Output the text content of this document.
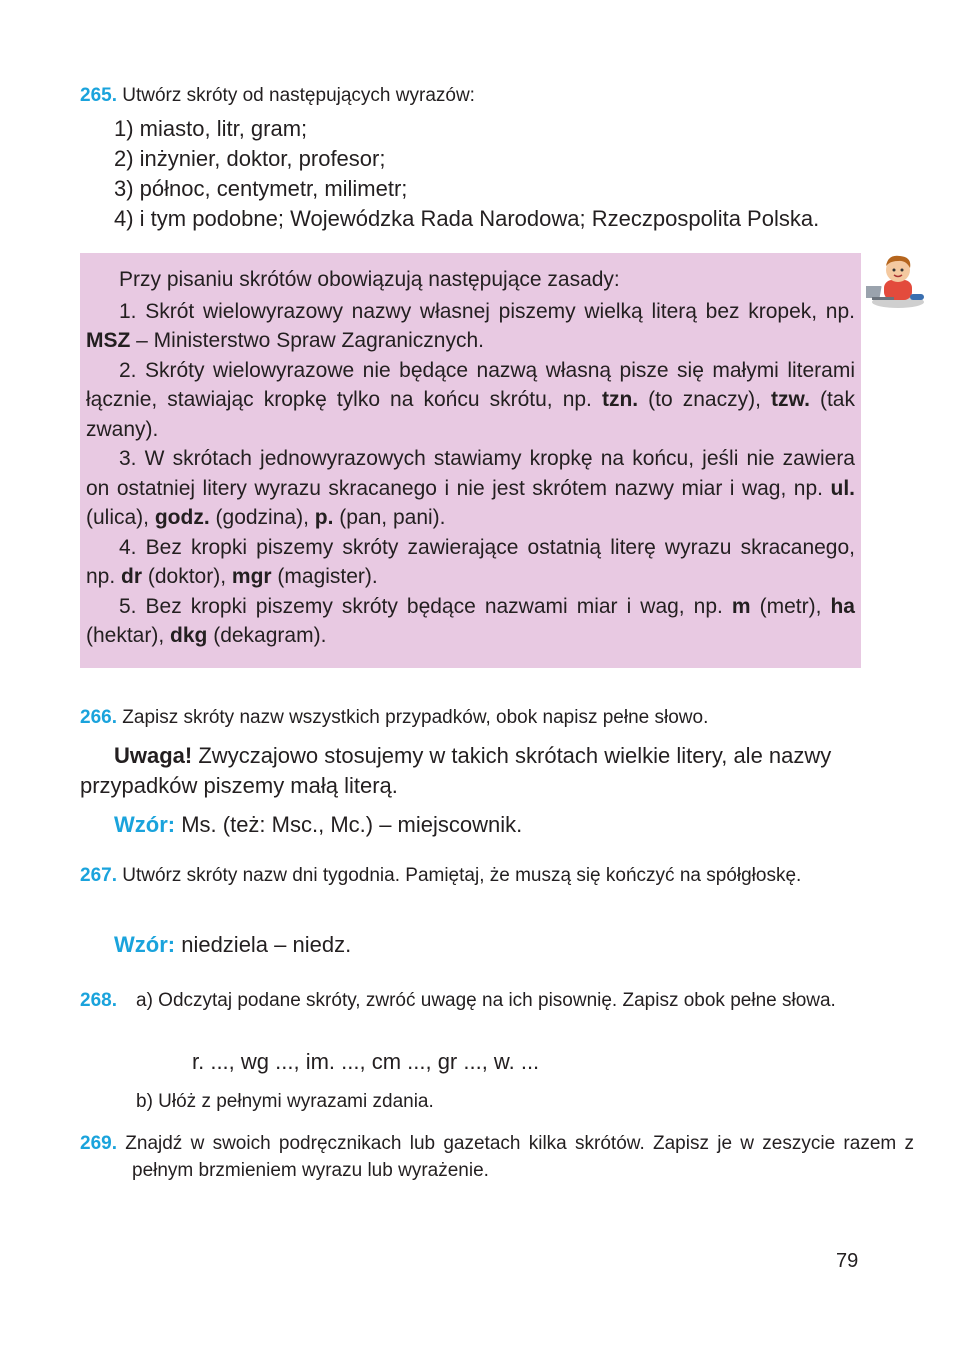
265. Utwórz skróty od następujących wyrazów:
1) miasto, litr, gram;
2) inżynier, doktor, profesor;
3) północ, centymetr, milimetr;
4) i tym podobne; Wojewódzka Rada Narodowa; Rzeczpospolita Polska.

Przy pisaniu skrótów obowiązują następujące zasady:

1. Skrót wielowyrazowy nazwy własnej piszemy wielką literą bez kropek, np. MSZ – Ministerstwo Spraw Zagranicznych.

2. Skróty wielowyrazowe nie będące nazwą własną pisze się małymi literami łącznie, stawiając kropkę tylko na końcu skrótu, np. tzn. (to znaczy), tzw. (tak zwany).

3. W skrótach jednowyrazowych stawiamy kropkę na końcu, jeśli nie zawiera on ostatniej litery wyrazu skracanego i nie jest skrótem nazwy miar i wag, np. ul. (ulica), godz. (godzina), p. (pan, pani).

4. Bez kropki piszemy skróty zawierające ostatnią literę wyrazu skracanego, np. dr (doktor), mgr (magister).

5. Bez kropki piszemy skróty będące nazwami miar i wag, np. m (metr), ha (hektar), dkg (dekagram).

266. Zapisz skróty nazw wszystkich przypadków, obok napisz pełne słowo.
Uwaga! Zwyczajowo stosujemy w takich skrótach wielkie litery, ale nazwy przypadków piszemy małą literą.
Wzór: Ms. (też: Msc., Mc.) – miejscownik.
267. Utwórz skróty nazw dni tygodnia. Pamiętaj, że muszą się kończyć na spółgłoskę.
Wzór: niedziela – niedz.
268.	a) Odczytaj podane skróty, zwróć uwagę na ich pisownię. Zapisz obok pełne słowa.
r. ..., wg ..., im. ..., cm ..., gr ..., w. ...
b) Ułóż z pełnymi wyrazami zdania.
269. Znajdź w swoich podręcznikach lub gazetach kilka skrótów. Zapisz je w zeszycie razem z pełnym brzmieniem wyrazu lub wyrażenie.
79
